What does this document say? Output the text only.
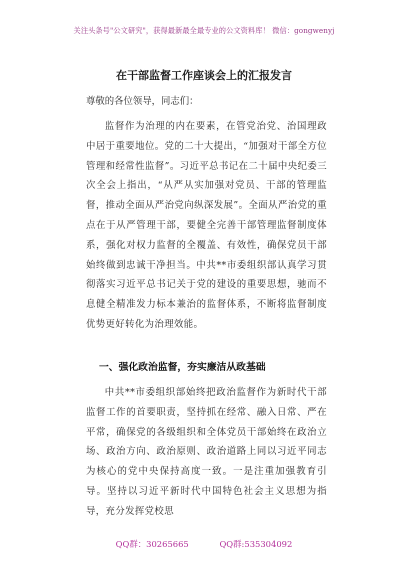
关注头条号"公文研究"，获得最新最全最专业的公文资料库！ 微信：gongwenyj
在干部监督工作座谈会上的汇报发言
尊敬的各位领导，同志们：
监督作为治理的内在要素，在管党治党、治国理政中居于重要地位。党的二十大提出，“加强对干部全方位管理和经常性监督”。习近平总书记在二十届中央纪委三次全会上指出，“从严从实加强对党员、干部的管理监督，推动全面从严治党向纵深发展”。全面从严治党的重点在于从严管理干部，要健全完善干部管理监督制度体系，强化对权力监督的全覆盖、有效性，确保党员干部始终做到忠诚干净担当。中共**市委组织部认真学习贯彻落实习近平总书记关于党的建设的重要思想，驰而不息健全精准发力标本兼治的监督体系，不断将监督制度优势更好转化为治理效能。
一、强化政治监督，夯实廉洁从政基础
中共**市委组织部始终把政治监督作为新时代干部监督工作的首要职责，坚持抓在经常、融入日常、严在平常，确保党的各级组织和全体党员干部始终在政治立场、政治方向、政治原则、政治道路上同以习近平同志为核心的党中央保持高度一致。一是注重加强教育引导。坚持以习近平新时代中国特色社会主义思想为指导，充分发挥党校思
QQ群：30265665	QQ群:535304092
